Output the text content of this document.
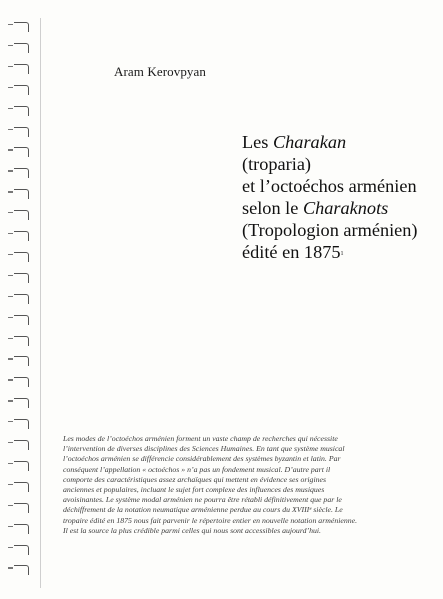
Aram Kerovpyan

Les Charakan
(troparia)
et l’octoéchos arménien
selon le Charaknots
(Tropologion arménien)
édité en 1875$^1$
Les modes de l’octoéchos arménien forment un vaste champ de recherches qui nécessite
l’intervention de diverses disciplines des Sciences Humaines. En tant que système musical
l’octoéchos arménien se différencie considérablement des systèmes byzantin et latin. Par
conséquent l’appellation « octoéchos » n’a pas un fondement musical. D’autre part il
comporte des caractéristiques assez archaïques qui mettent en évidence ses origines
anciennes et populaires, incluant le sujet fort complexe des influences des musiques
avoisinantes. Le système modal arménien ne pourra être rétabli définitivement que par le
déchiffrement de la notation neumatique arménienne perdue au cours du XVIIIᵉ siècle. Le
tropaire édité en 1875 nous fait parvenir le répertoire entier en nouvelle notation arménienne.
Il est la source la plus crédible parmi celles qui nous sont accessibles aujourd’hui.
